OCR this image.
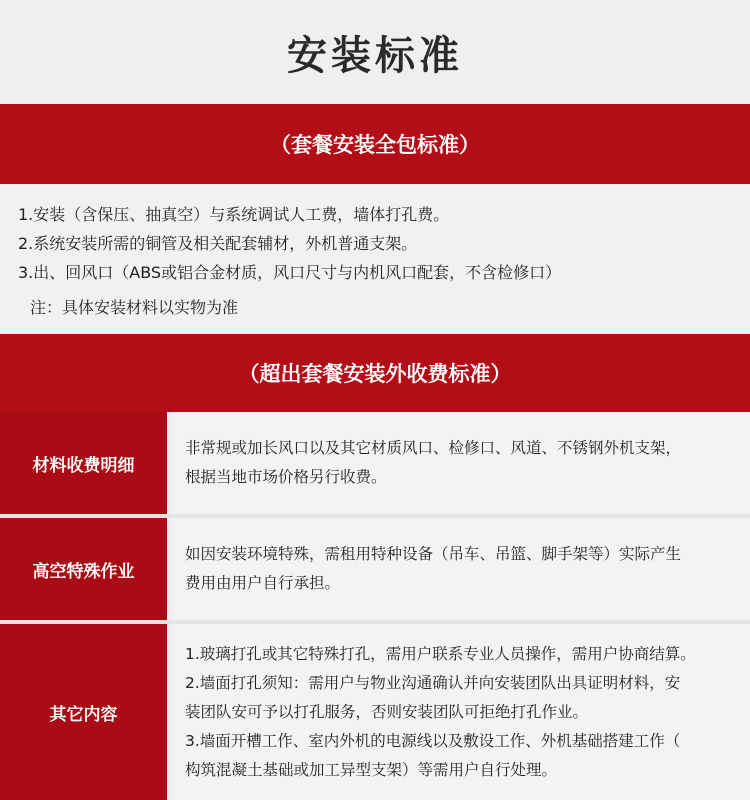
安装标准
（套餐安装全包标准）
1.安装（含保压、抽真空）与系统调试人工费，墙体打孔费。
2.系统安装所需的铜管及相关配套辅材，外机普通支架。
3.出、回风口（ABS或铝合金材质，风口尺寸与内机风口配套，不含检修口）
注：具体安装材料以实物为准
（超出套餐安装外收费标准）
材料收费明细
非常规或加长风口以及其它材质风口、检修口、风道、不锈钢外机支架，
根据当地市场价格另行收费。
高空特殊作业
如因安装环境特殊，需租用特种设备（吊车、吊篮、脚手架等）实际产生
费用由用户自行承担。
其它内容
1.玻璃打孔或其它特殊打孔，需用户联系专业人员操作，需用户协商结算。
2.墙面打孔须知：需用户与物业沟通确认并向安装团队出具证明材料，安
装团队安可予以打孔服务，否则安装团队可拒绝打孔作业。
3.墙面开槽工作、室内外机的电源线以及敷设工作、外机基础搭建工作（
构筑混凝土基础或加工异型支架）等需用户自行处理。
